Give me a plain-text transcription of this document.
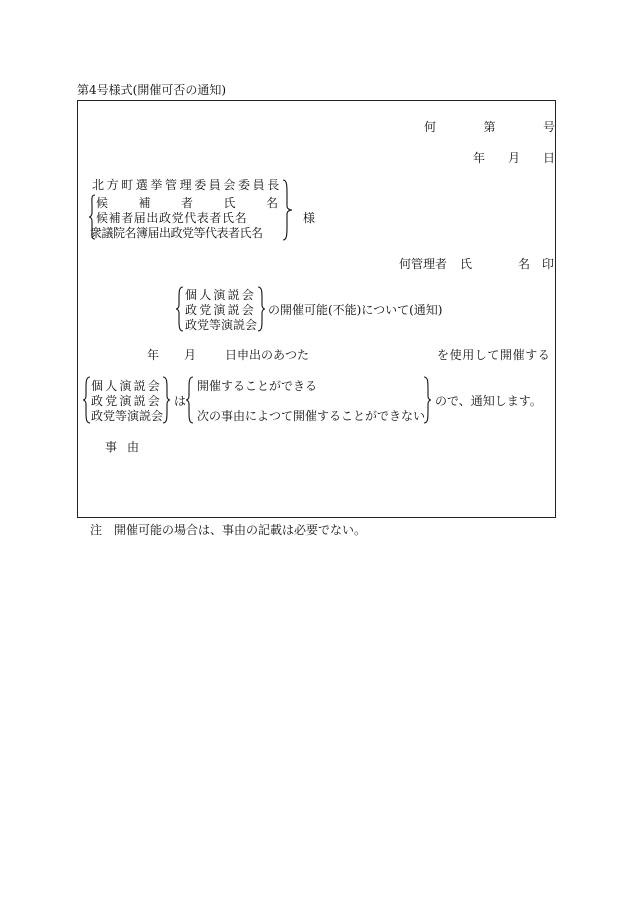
第4号様式(開催可否の通知)
何	第	号
年 月 日
北方町選挙管理委員会委員長
候	補	者	氏	名
候補者届出政党代表者氏名
衆議院名簿届出政党等代表者氏名
様
何管理者 氏	名 印
個人演説会
政党演説会
政党等演説会
の開催可能(不能)について(通知)
年 月 日申出のあつた	を使用して開催する
個人演説会
政党演説会
政党等演説会
は
開催することができる
次の事由によつて開催することができない
ので、通知します。
事 由
注　開催可能の場合は、事由の記載は必要でない。
